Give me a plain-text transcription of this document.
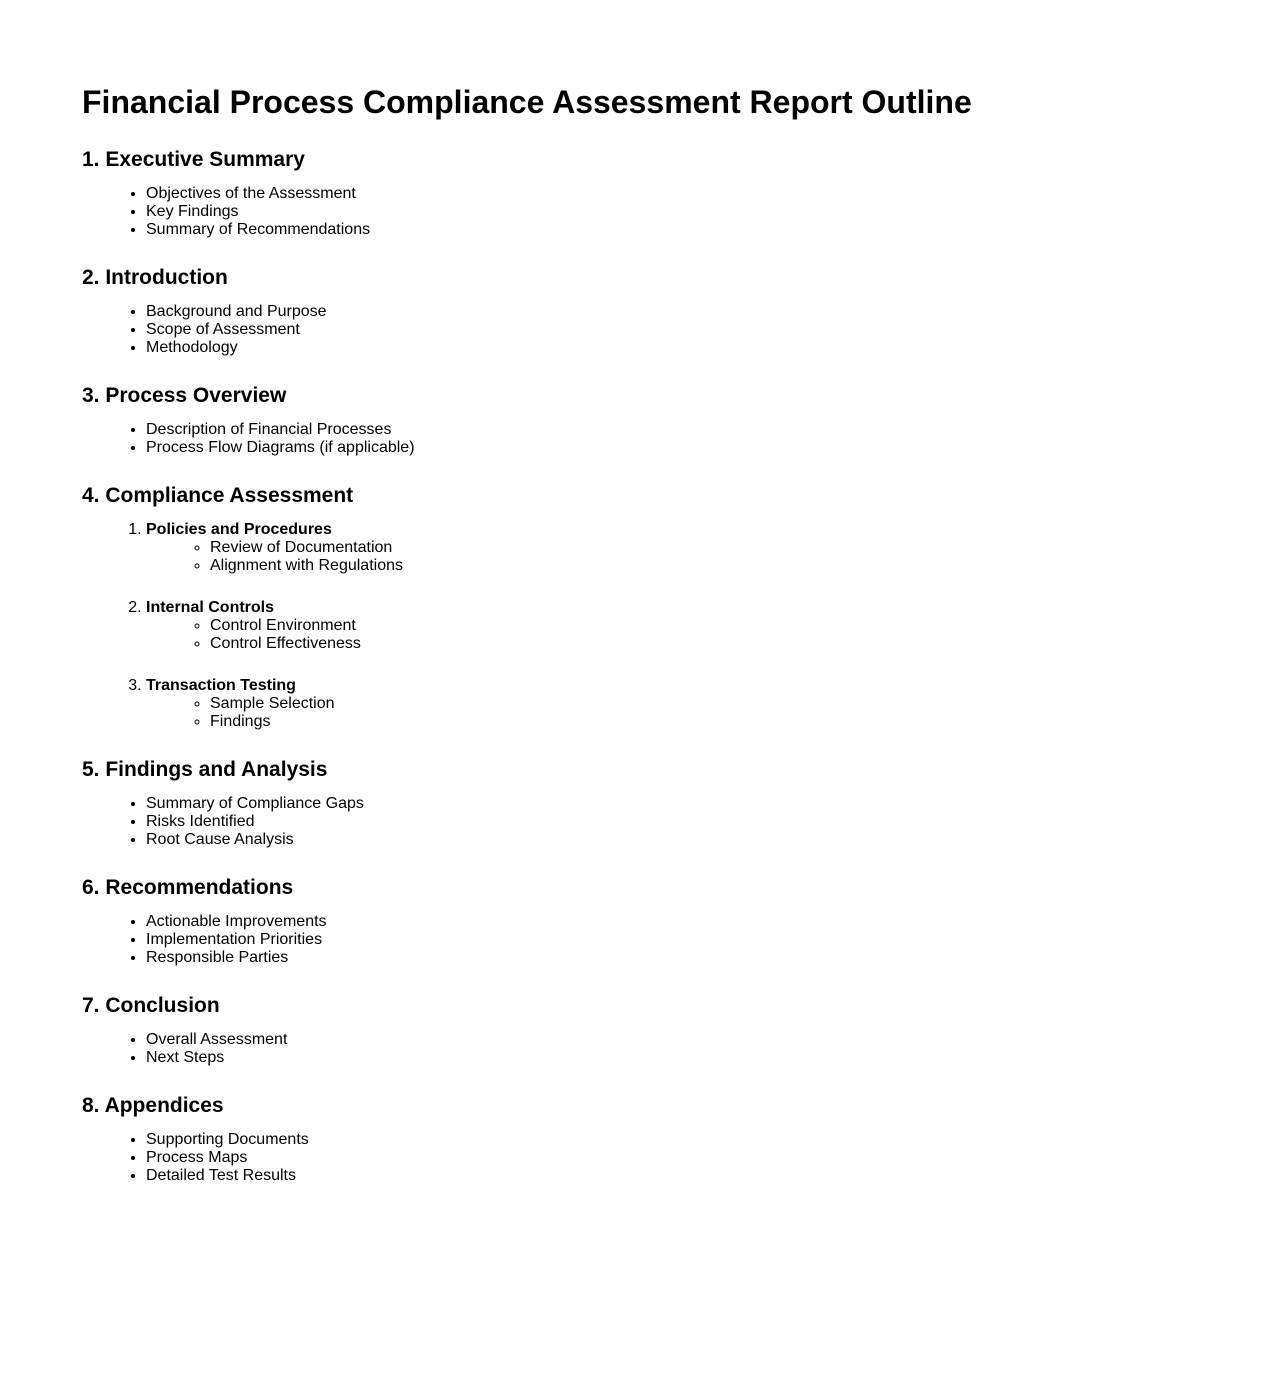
Financial Process Compliance Assessment Report Outline
1. Executive Summary
• Objectives of the Assessment
• Key Findings
• Summary of Recommendations
2. Introduction
• Background and Purpose
• Scope of Assessment
• Methodology
3. Process Overview
• Description of Financial Processes
• Process Flow Diagrams (if applicable)
4. Compliance Assessment
1. Policies and Procedures
◦ Review of Documentation
◦ Alignment with Regulations
2. Internal Controls
◦ Control Environment
◦ Control Effectiveness
3. Transaction Testing
◦ Sample Selection
◦ Findings
5. Findings and Analysis
• Summary of Compliance Gaps
• Risks Identified
• Root Cause Analysis
6. Recommendations
• Actionable Improvements
• Implementation Priorities
• Responsible Parties
7. Conclusion
• Overall Assessment
• Next Steps
8. Appendices
• Supporting Documents
• Process Maps
• Detailed Test Results
